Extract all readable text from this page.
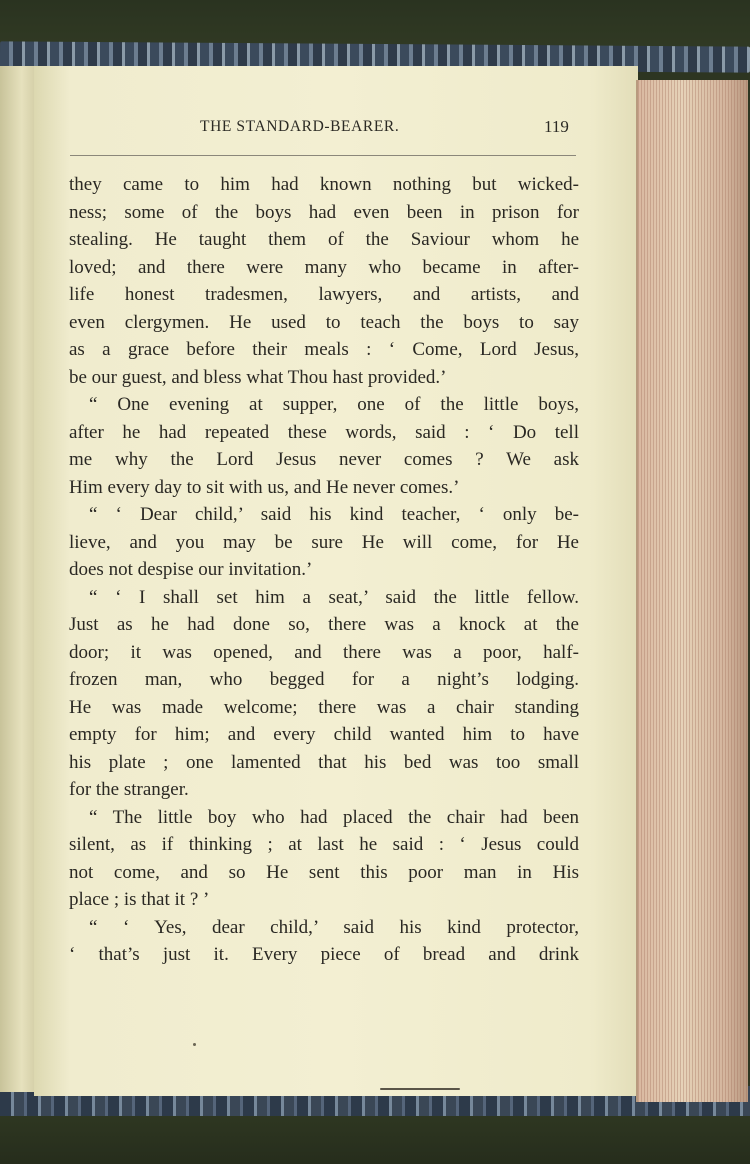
THE STANDARD-BEARER.	119
they came to him had known nothing but wicked-
ness; some of the boys had even been in prison for
stealing. He taught them of the Saviour whom he
loved; and there were many who became in after-
life honest tradesmen, lawyers, and artists, and
even clergymen. He used to teach the boys to say
as a grace before their meals : ‘ Come, Lord Jesus,
be our guest, and bless what Thou hast provided.’
“ One evening at supper, one of the little boys,
after he had repeated these words, said : ‘ Do tell
me why the Lord Jesus never comes ? We ask
Him every day to sit with us, and He never comes.’
“ ‘ Dear child,’ said his kind teacher, ‘ only be-
lieve, and you may be sure He will come, for He
does not despise our invitation.’
“ ‘ I shall set him a seat,’ said the little fellow.
Just as he had done so, there was a knock at the
door; it was opened, and there was a poor, half-
frozen man, who begged for a night’s lodging.
He was made welcome; there was a chair standing
empty for him; and every child wanted him to have
his plate ; one lamented that his bed was too small
for the stranger.
“ The little boy who had placed the chair had been
silent, as if thinking ; at last he said : ‘ Jesus could
not come, and so He sent this poor man in His
place ; is that it ? ’
“ ‘ Yes, dear child,’ said his kind protector,
‘ that’s just it. Every piece of bread and drink
